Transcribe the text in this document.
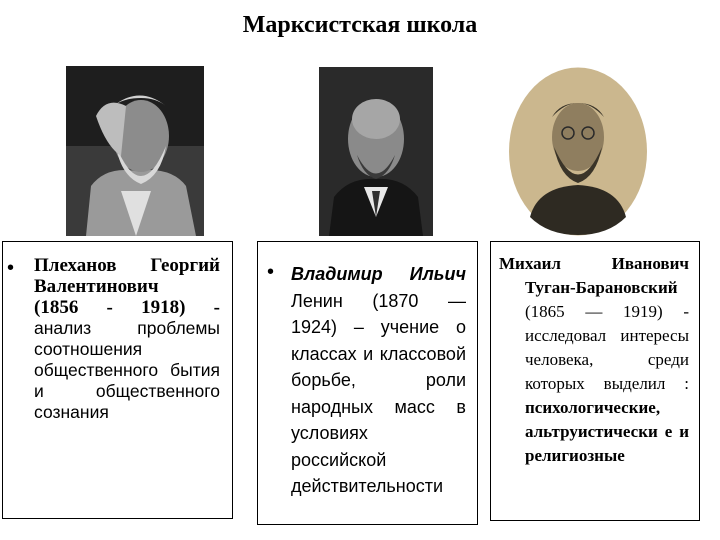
Марксистская школа
• Плеханов Георгий Валентинович
(1856 - 1918) -
анализ проблемы соотношения общественного бытия и общественного сознания
• Владимир Ильич Ленин (1870 — 1924) – учение о классах и классовой борьбе, роли народных масс в условиях российской действительности
Михаил Иванович
Туган-Барановский
(1865 — 1919) -
исследовал интересы человека, среди которых выделил : психологические, альтруистически е и религиозные
